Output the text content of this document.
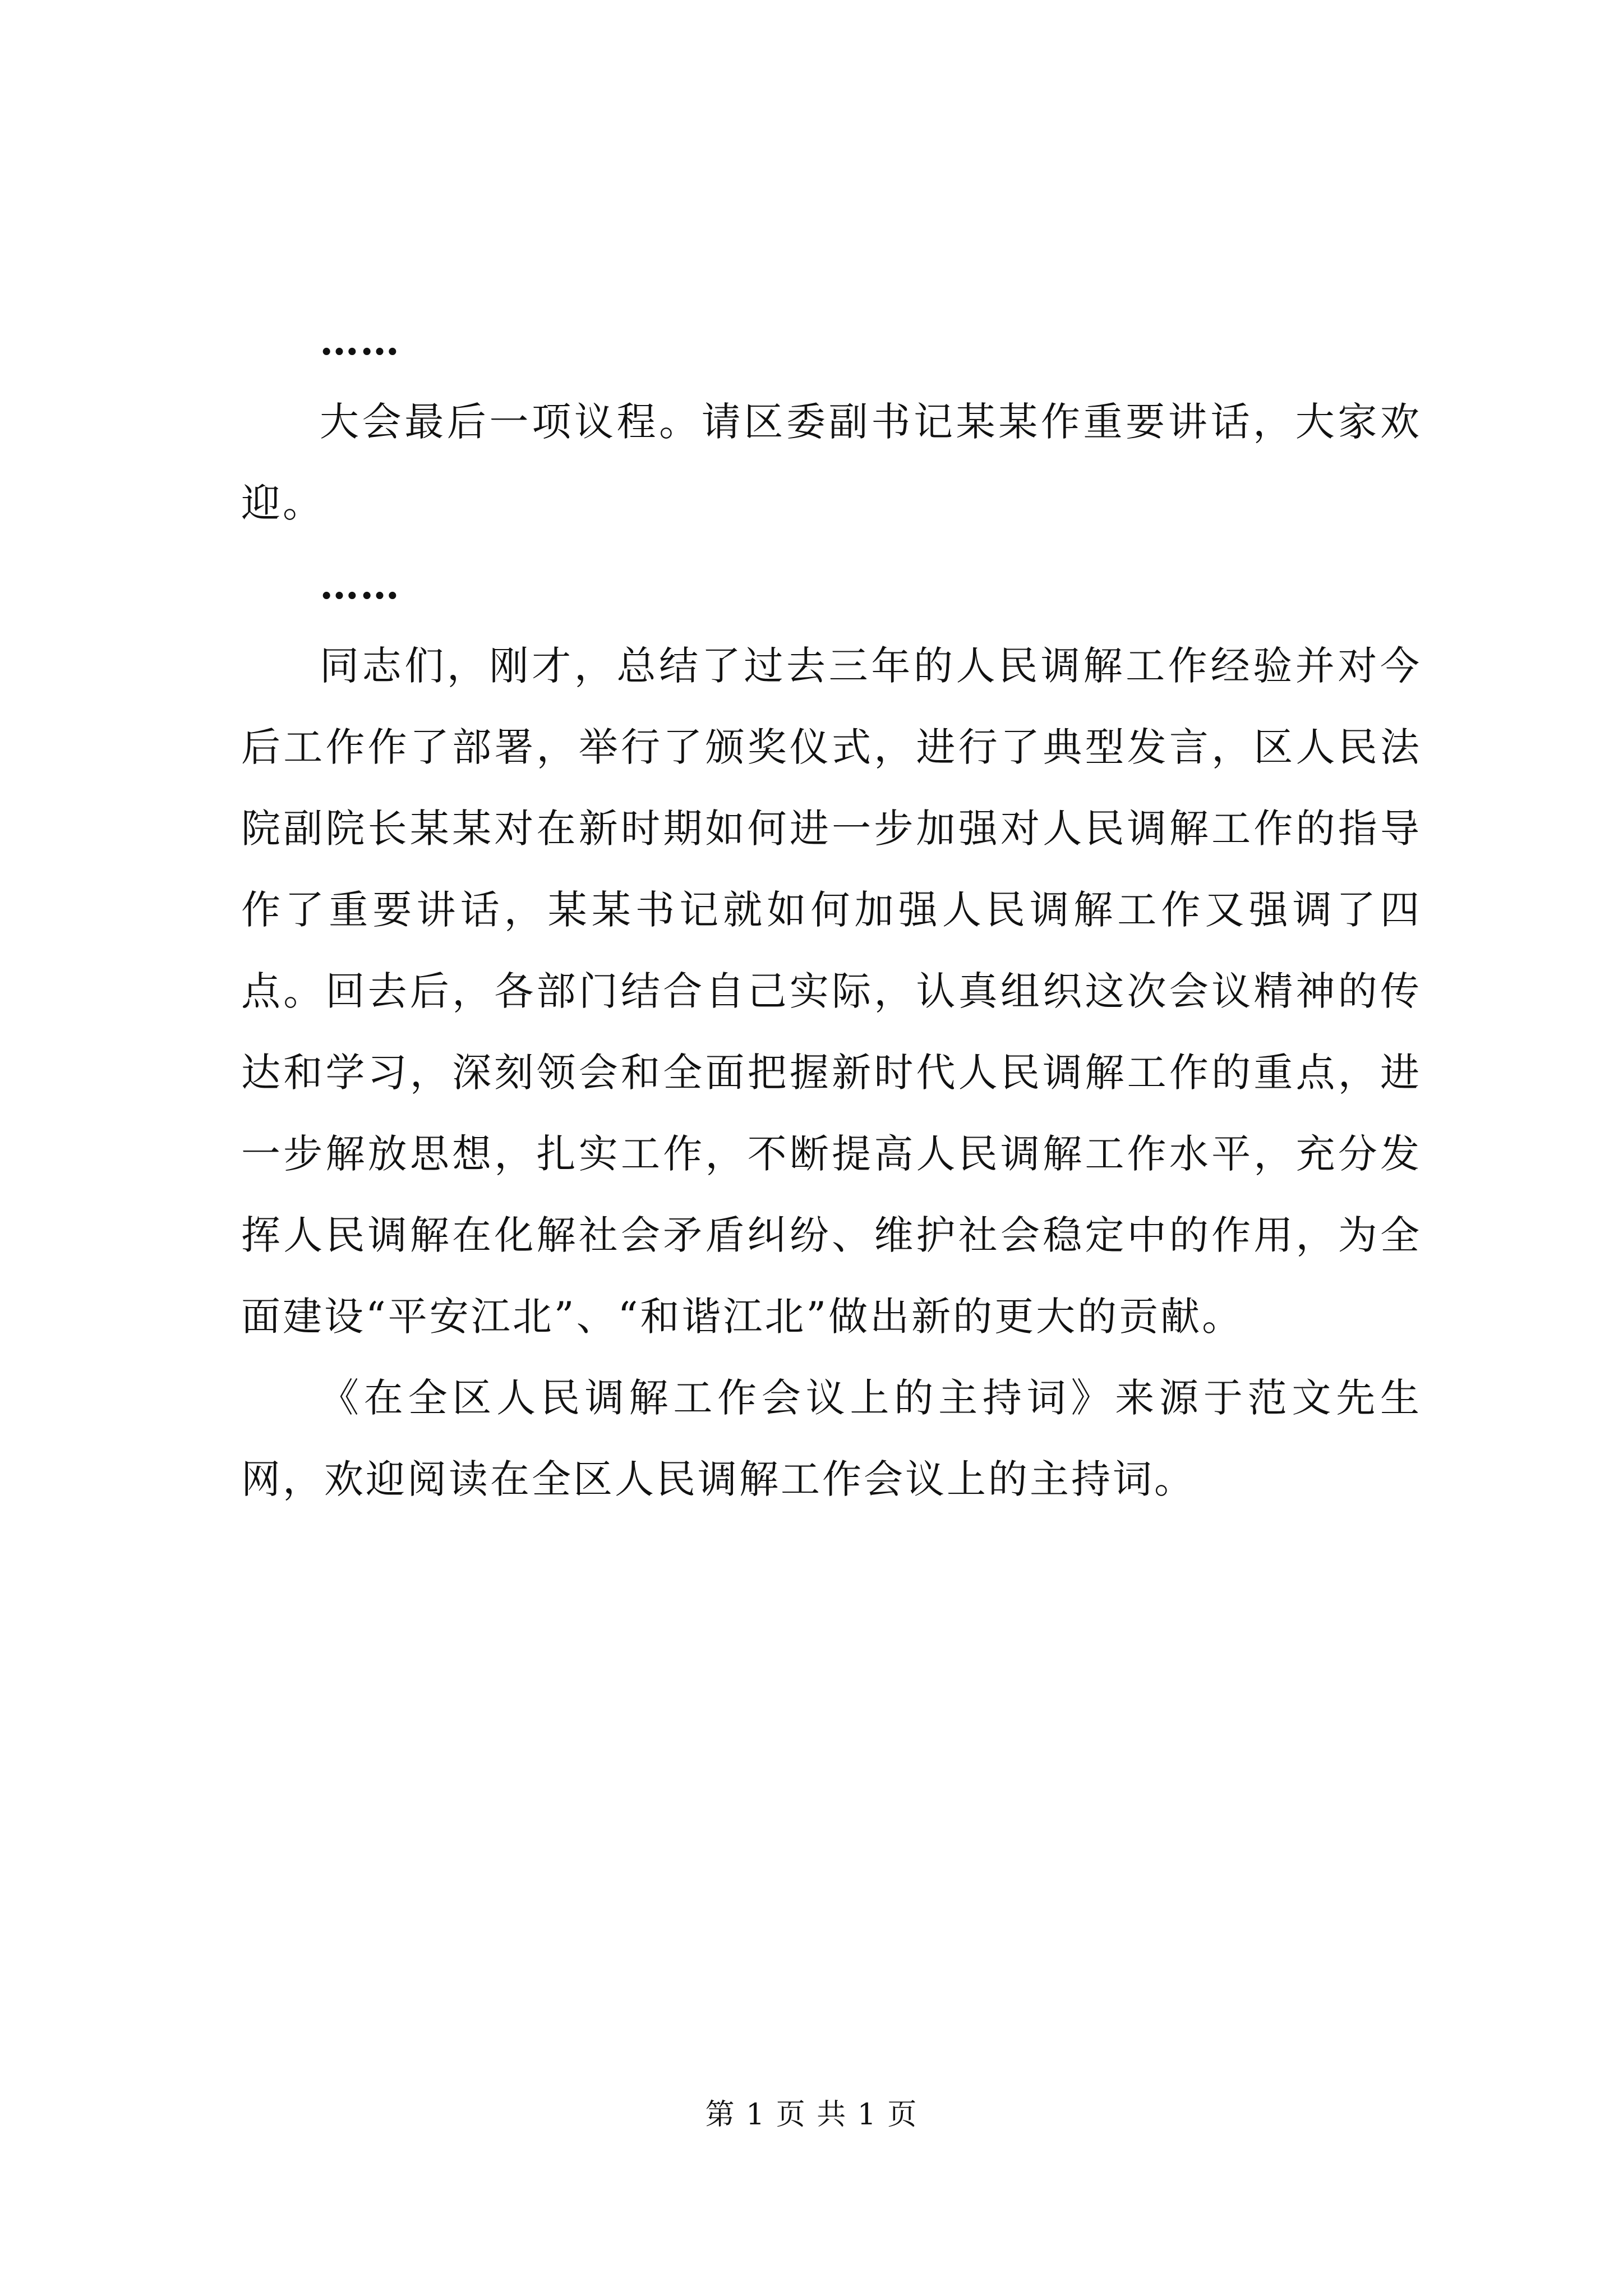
……

大会最后一项议程。请区委副书记某某作重要讲话，大家欢迎。

……

同志们，刚才，总结了过去三年的人民调解工作经验并对今后工作作了部署，举行了颁奖仪式，进行了典型发言，区人民法院副院长某某对在新时期如何进一步加强对人民调解工作的指导作了重要讲话，某某书记就如何加强人民调解工作又强调了四点。回去后，各部门结合自己实际，认真组织这次会议精神的传达和学习，深刻领会和全面把握新时代人民调解工作的重点，进一步解放思想，扎实工作，不断提高人民调解工作水平，充分发挥人民调解在化解社会矛盾纠纷、维护社会稳定中的作用，为全面建设“平安江北”、“和谐江北”做出新的更大的贡献。

《在全区人民调解工作会议上的主持词》来源于范文先生网，欢迎阅读在全区人民调解工作会议上的主持词。

第 1 页 共 1 页
